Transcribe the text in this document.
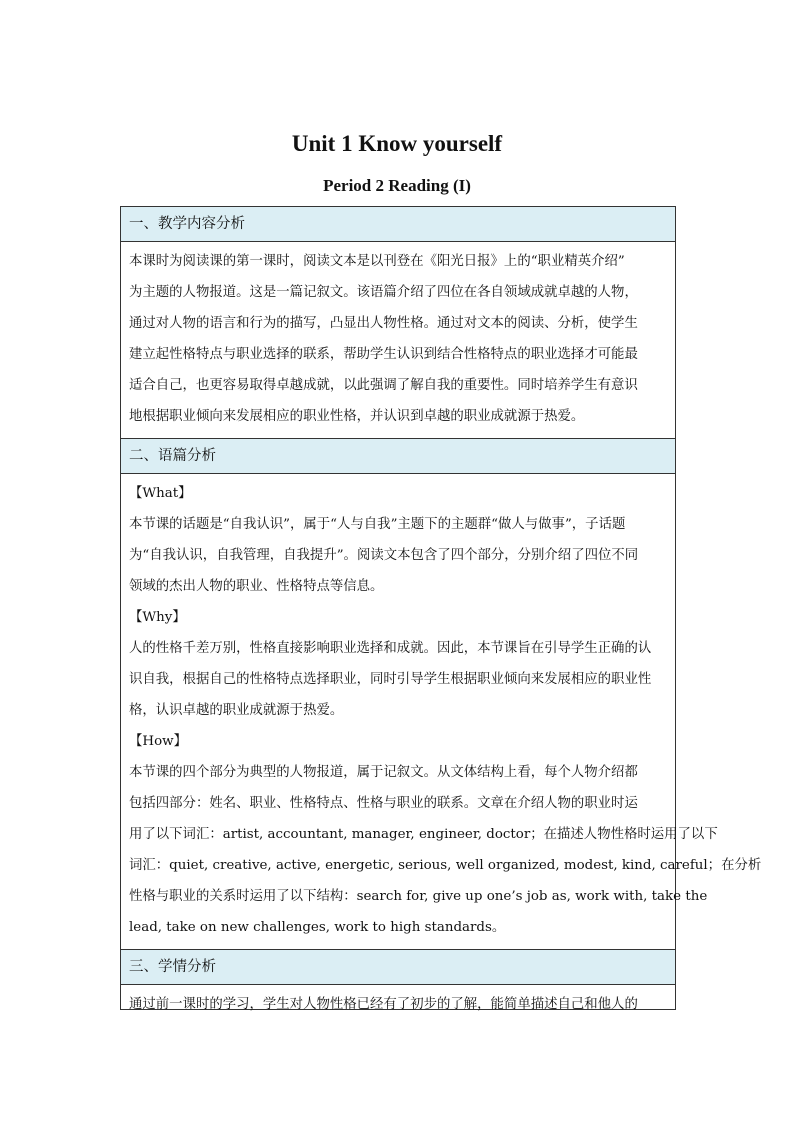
Unit 1 Know yourself
Period 2 Reading (I)
一、教学内容分析
本课时为阅读课的第一课时，阅读文本是以刊登在《阳光日报》上的“职业精英介绍”
为主题的人物报道。这是一篇记叙文。该语篇介绍了四位在各自领域成就卓越的人物，
通过对人物的语言和行为的描写，凸显出人物性格。通过对文本的阅读、分析，使学生
建立起性格特点与职业选择的联系，帮助学生认识到结合性格特点的职业选择才可能最
适合自己，也更容易取得卓越成就，以此强调了解自我的重要性。同时培养学生有意识
地根据职业倾向来发展相应的职业性格，并认识到卓越的职业成就源于热爱。
二、语篇分析
【What】
本节课的话题是“自我认识”，属于“人与自我”主题下的主题群“做人与做事”，子话题
为“自我认识，自我管理，自我提升”。阅读文本包含了四个部分，分别介绍了四位不同
领域的杰出人物的职业、性格特点等信息。
【Why】
人的性格千差万别，性格直接影响职业选择和成就。因此，本节课旨在引导学生正确的认
识自我，根据自己的性格特点选择职业，同时引导学生根据职业倾向来发展相应的职业性
格，认识卓越的职业成就源于热爱。
【How】
本节课的四个部分为典型的人物报道，属于记叙文。从文体结构上看，每个人物介绍都
包括四部分：姓名、职业、性格特点、性格与职业的联系。文章在介绍人物的职业时运
用了以下词汇：artist, accountant, manager, engineer, doctor；在描述人物性格时运用了以下
词汇：quiet, creative, active, energetic, serious, well organized, modest, kind, careful；在分析
性格与职业的关系时运用了以下结构：search for, give up one’s job as, work with, take the
lead, take on new challenges, work to high standards。
三、学情分析
通过前一课时的学习，学生对人物性格已经有了初步的了解，能简单描述自己和他人的
